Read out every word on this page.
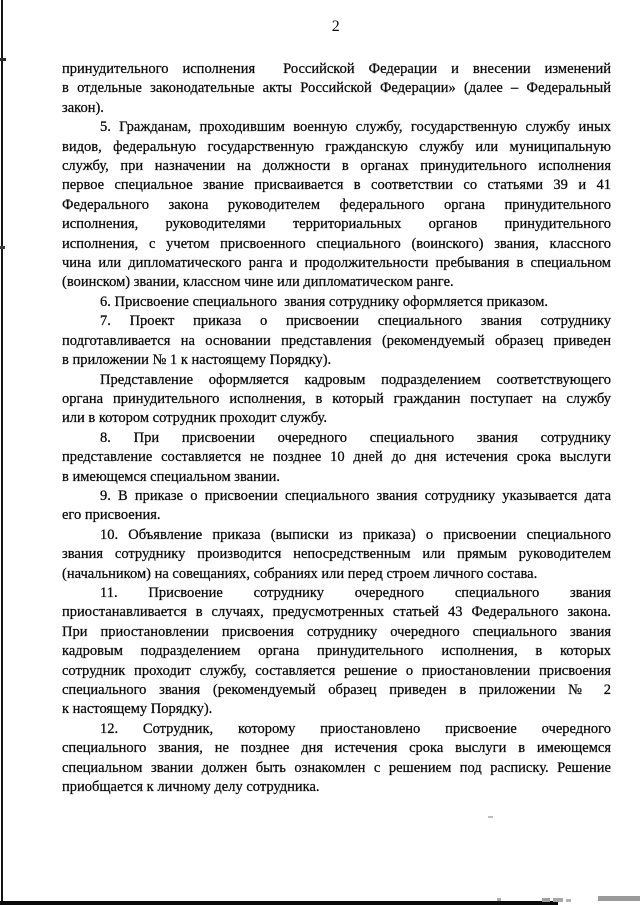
2
принудительного исполнения  Российской Федерации и внесении изменений
в отдельные законодательные акты Российской Федерации» (далее – Федеральный
закон).
5. Гражданам, проходившим военную службу, государственную службу иных
видов, федеральную государственную гражданскую службу или муниципальную
службу, при назначении на должности в органах принудительного исполнения
первое специальное звание присваивается в соответствии со статьями 39 и 41
Федерального закона руководителем федерального органа принудительного
исполнения, руководителями территориальных органов принудительного
исполнения, с учетом присвоенного специального (воинского) звания, классного
чина или дипломатического ранга и продолжительности пребывания в специальном
(воинском) звании, классном чине или дипломатическом ранге.
6. Присвоение специального  звания сотруднику оформляется приказом.
7. Проект приказа о присвоении специального звания сотруднику
подготавливается на основании представления (рекомендуемый образец приведен
в приложении № 1 к настоящему Порядку).
Представление оформляется кадровым подразделением соответствующего
органа принудительного исполнения, в который гражданин поступает на службу
или в котором сотрудник проходит службу.
8. При присвоении очередного специального звания сотруднику
представление составляется не позднее 10 дней до дня истечения срока выслуги
в имеющемся специальном звании.
9. В приказе о присвоении специального звания сотруднику указывается дата
его присвоения.
10. Объявление приказа (выписки из приказа) о присвоении специального
звания сотруднику производится непосредственным или прямым руководителем
(начальником) на совещаниях, собраниях или перед строем личного состава.
11. Присвоение сотруднику очередного специального звания
приостанавливается в случаях, предусмотренных статьей 43 Федерального закона.
При приостановлении присвоения сотруднику очередного специального звания
кадровым подразделением органа принудительного исполнения, в которых
сотрудник проходит службу, составляется решение о приостановлении присвоения
специального звания (рекомендуемый образец приведен в приложении № 2
к настоящему Порядку).
12. Сотрудник, которому приостановлено присвоение очередного
специального звания, не позднее дня истечения срока выслуги в имеющемся
специальном звании должен быть ознакомлен с решением под расписку. Решение
приобщается к личному делу сотрудника.
